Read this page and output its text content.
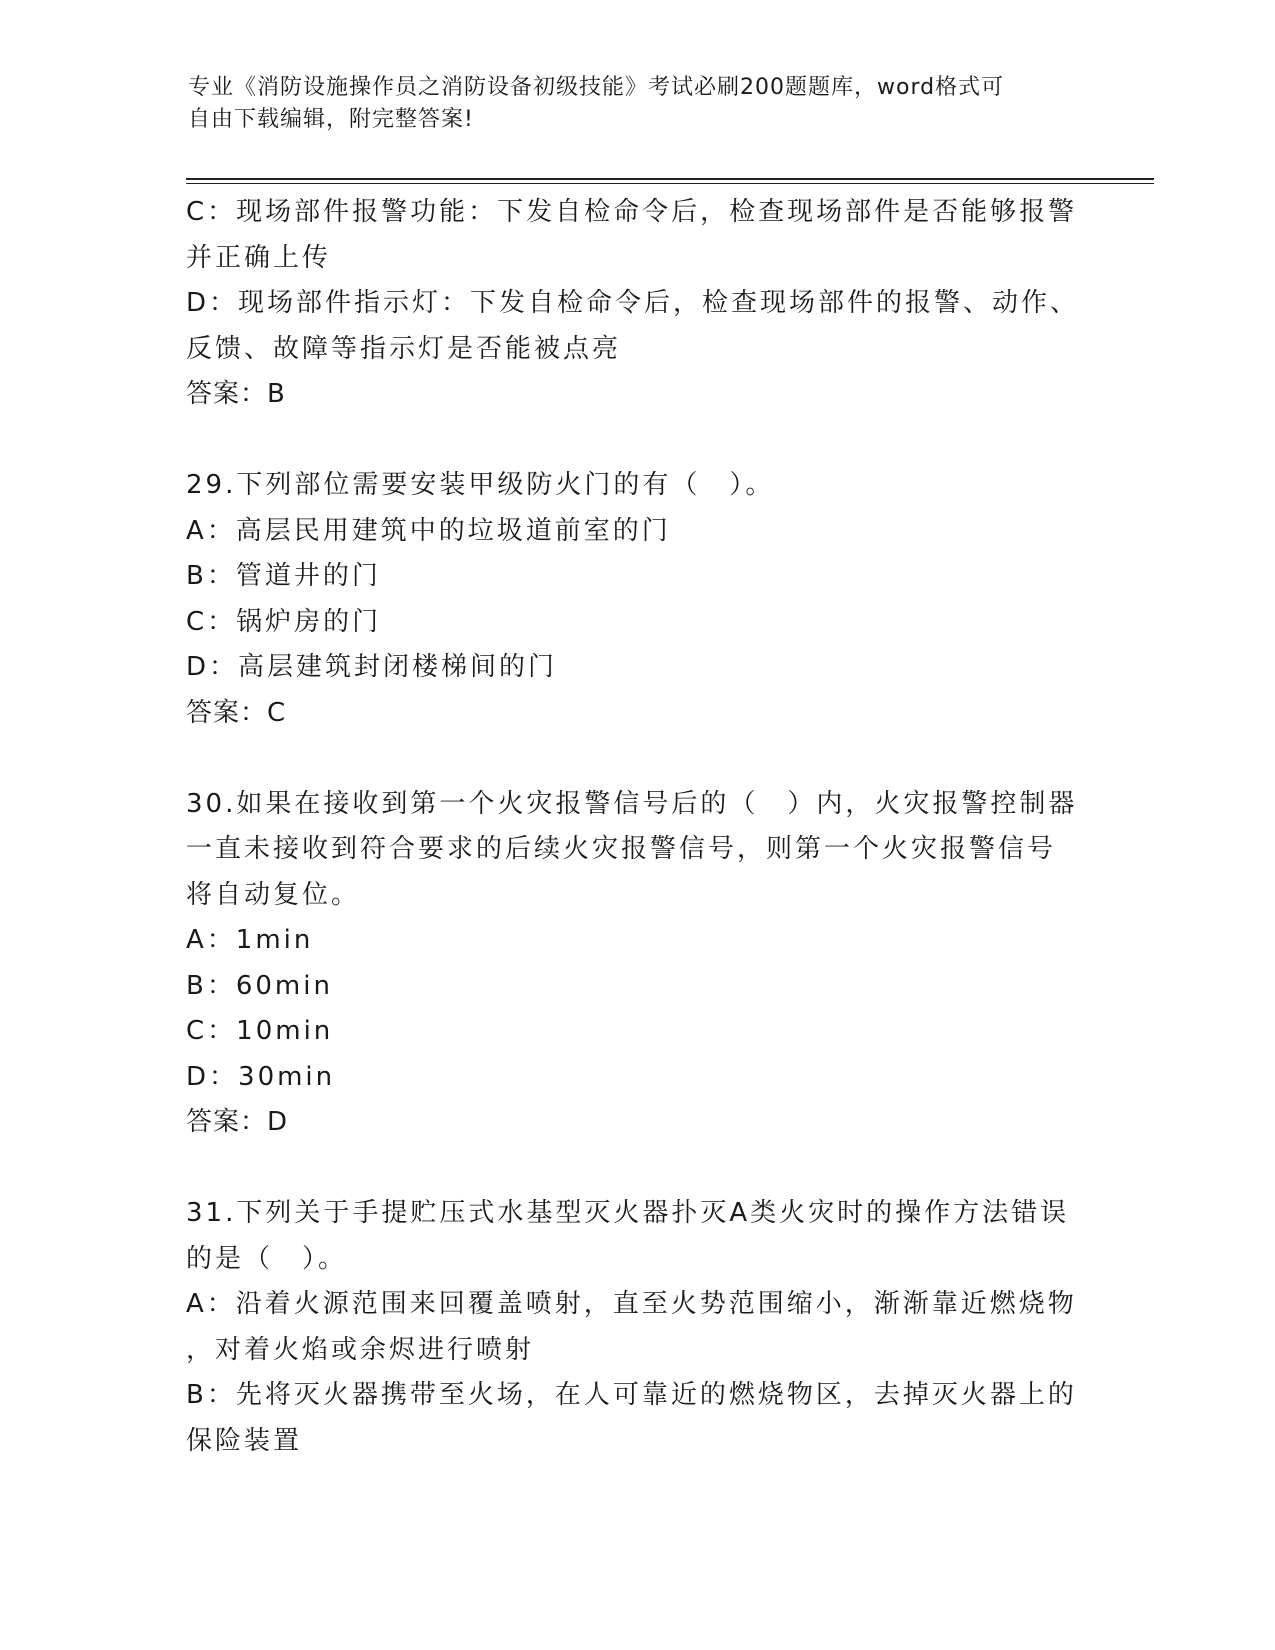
专业《消防设施操作员之消防设备初级技能》考试必刷200题题库，word格式可
自由下载编辑，附完整答案!
C：现场部件报警功能：下发自检命令后，检查现场部件是否能够报警
并正确上传
D：现场部件指示灯：下发自检命令后，检查现场部件的报警、动作、
反馈、故障等指示灯是否能被点亮
答案：B
29.下列部位需要安装甲级防火门的有（　）。
A：高层民用建筑中的垃圾道前室的门
B：管道井的门
C：锅炉房的门
D：高层建筑封闭楼梯间的门
答案：C
30.如果在接收到第一个火灾报警信号后的（　）内，火灾报警控制器
一直未接收到符合要求的后续火灾报警信号，则第一个火灾报警信号
将自动复位。
A：1min
B：60min
C：10min
D：30min
答案：D
31.下列关于手提贮压式水基型灭火器扑灭A类火灾时的操作方法错误
的是（　）。
A：沿着火源范围来回覆盖喷射，直至火势范围缩小，渐渐靠近燃烧物
，对着火焰或余烬进行喷射
B：先将灭火器携带至火场，在人可靠近的燃烧物区，去掉灭火器上的
保险装置
